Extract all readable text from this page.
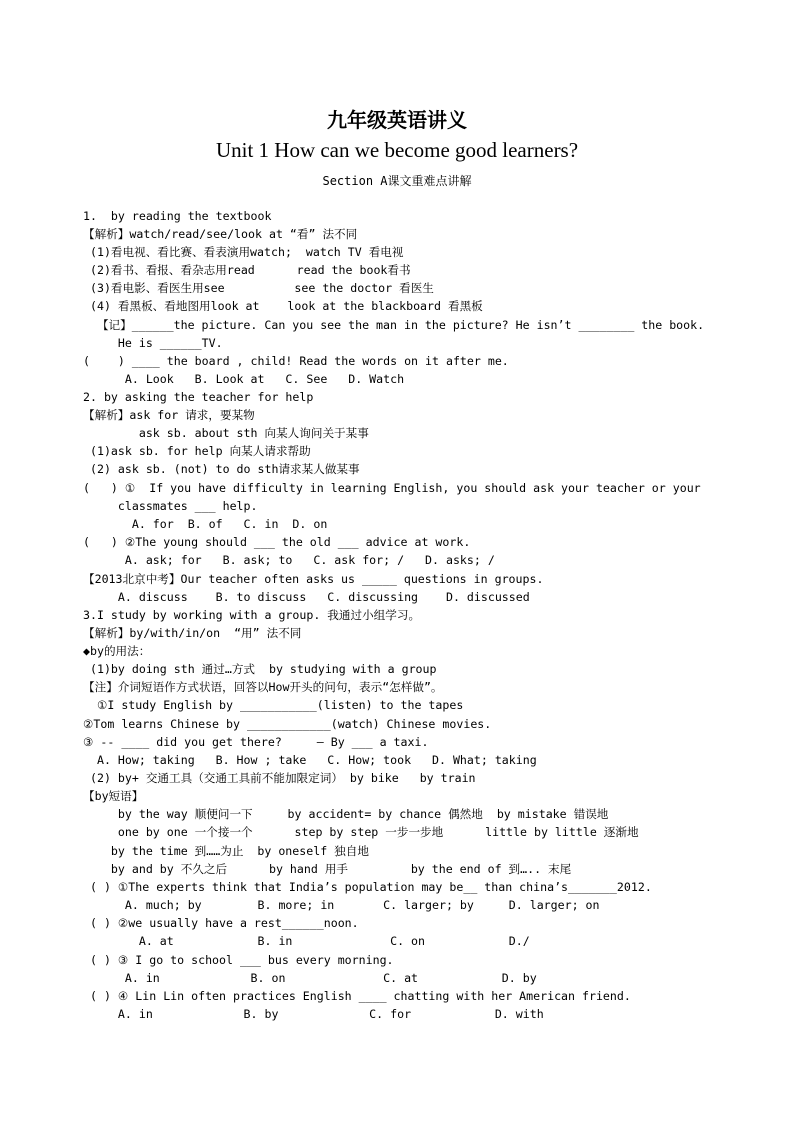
九年级英语讲义
Unit 1 How can we become good learners?
Section A课文重难点讲解
1.  by reading the textbook
【解析】watch/read/see/look at “看” 法不同
(1)看电视、看比赛、看表演用watch;  watch TV 看电视
(2)看书、看报、看杂志用read      read the book看书
(3)看电影、看医生用see          see the doctor 看医生
(4) 看黑板、看地图用look at    look at the blackboard 看黑板
【记】______the picture. Can you see the man in the picture? He isn’t ________ the book.
He is ______TV.
(    ) ____ the board , child! Read the words on it after me.
A. Look   B. Look at   C. See   D. Watch
2. by asking the teacher for help
【解析】ask for 请求，要某物
ask sb. about sth 向某人询问关于某事
(1)ask sb. for help 向某人请求帮助
(2) ask sb. (not) to do sth请求某人做某事
(   ) ①  If you have difficulty in learning English, you should ask your teacher or your
classmates ___ help.
A. for  B. of   C. in  D. on
(   ) ②The young should ___ the old ___ advice at work.
A. ask; for   B. ask; to   C. ask for; /   D. asks; /
【2013北京中考】Our teacher often asks us _____ questions in groups.
A. discuss    B. to discuss   C. discussing    D. discussed
3.I study by working with a group. 我通过小组学习。
【解析】by/with/in/on  “用” 法不同
◆by的用法：
(1)by doing sth 通过…方式  by studying with a group
【注】介词短语作方式状语，回答以How开头的问句，表示“怎样做”。
①I study English by ___________(listen) to the tapes
②Tom learns Chinese by ____________(watch) Chinese movies.
③ -- ____ did you get there?     — By ___ a taxi.
A. How; taking   B. How ; take   C. How; took   D. What; taking
(2) by+ 交通工具（交通工具前不能加限定词） by bike   by train
【by短语】
by the way 顺便问一下     by accident= by chance 偶然地  by mistake 错误地
one by one 一个接一个      step by step 一步一步地      little by little 逐渐地
by the time 到……为止  by oneself 独自地
by and by 不久之后      by hand 用手         by the end of 到….. 末尾
( ) ①The experts think that India’s population may be__ than china’s_______2012.
A. much; by        B. more; in       C. larger; by     D. larger; on
( ) ②we usually have a rest______noon.
A. at            B. in              C. on            D./
( ) ③ I go to school ___ bus every morning.
A. in             B. on              C. at            D. by
( ) ④ Lin Lin often practices English ____ chatting with her American friend.
A. in             B. by             C. for            D. with
